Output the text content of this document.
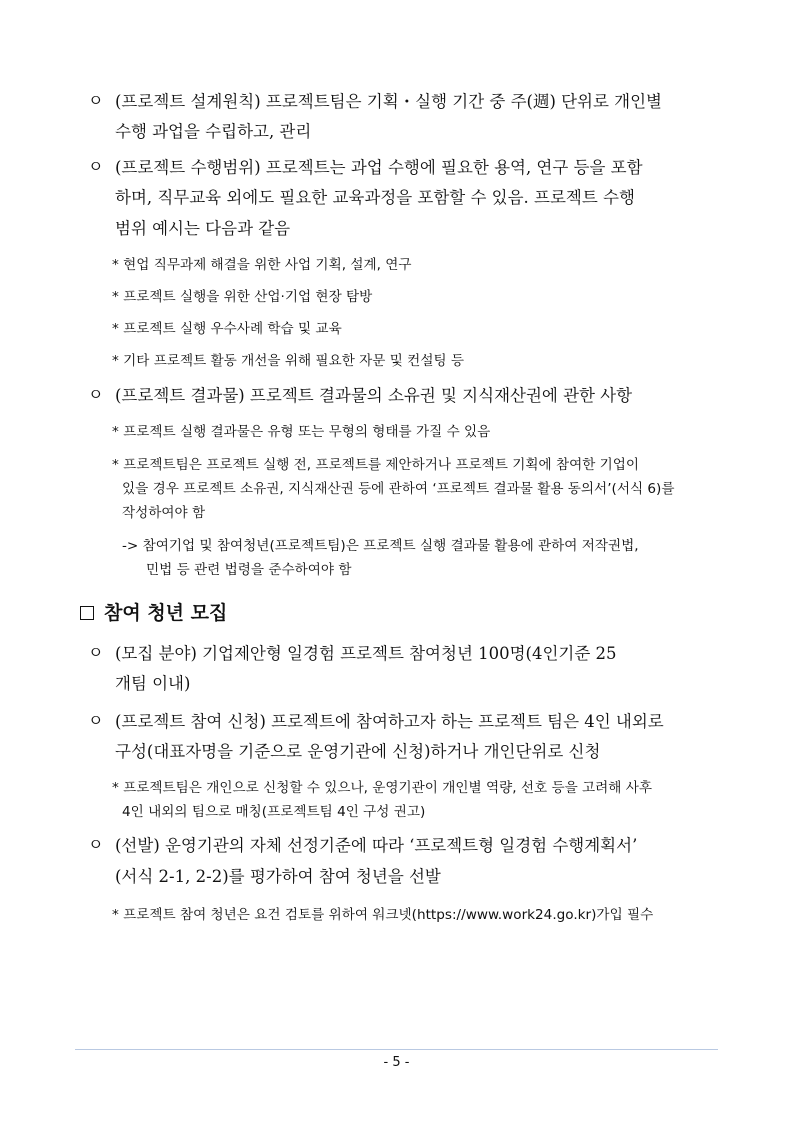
ㅇ (프로젝트 설계원칙) 프로젝트팀은 기획・실행 기간 중 주(週) 단위로 개인별
수행 과업을 수립하고, 관리
ㅇ (프로젝트 수행범위) 프로젝트는 과업 수행에 필요한 용역, 연구 등을 포함
하며, 직무교육 외에도 필요한 교육과정을 포함할 수 있음. 프로젝트 수행
범위 예시는 다음과 같음
* 현업 직무과제 해결을 위한 사업 기획, 설계, 연구
* 프로젝트 실행을 위한 산업·기업 현장 탐방
* 프로젝트 실행 우수사례 학습 및 교육
* 기타 프로젝트 활동 개선을 위해 필요한 자문 및 컨설팅 등
ㅇ (프로젝트 결과물) 프로젝트 결과물의 소유권 및 지식재산권에 관한 사항
* 프로젝트 실행 결과물은 유형 또는 무형의 형태를 가질 수 있음
* 프로젝트팀은 프로젝트 실행 전, 프로젝트를 제안하거나 프로젝트 기획에 참여한 기업이
있을 경우 프로젝트 소유권, 지식재산권 등에 관하여 ‘프로젝트 결과물 활용 동의서’(서식 6)를
작성하여야 함
-> 참여기업 및 참여청년(프로젝트팀)은 프로젝트 실행 결과물 활용에 관하여 저작권법,
민법 등 관련 법령을 준수하여야 함
참여 청년 모집
ㅇ (모집 분야) 기업제안형 일경험 프로젝트 참여청년 100명(4인기준 25
개팀 이내)
ㅇ (프로젝트 참여 신청) 프로젝트에 참여하고자 하는 프로젝트 팀은 4인 내외로
구성(대표자명을 기준으로 운영기관에 신청)하거나 개인단위로 신청
* 프로젝트팀은 개인으로 신청할 수 있으나, 운영기관이 개인별 역량, 선호 등을 고려해 사후
4인 내외의 팀으로 매칭(프로젝트팀 4인 구성 권고)
ㅇ (선발) 운영기관의 자체 선정기준에 따라 ‘프로젝트형 일경험 수행계획서’
(서식 2-1, 2-2)를 평가하여 참여 청년을 선발
* 프로젝트 참여 청년은 요건 검토를 위하여 워크넷(https://www.work24.go.kr)가입 필수
- 5 -
